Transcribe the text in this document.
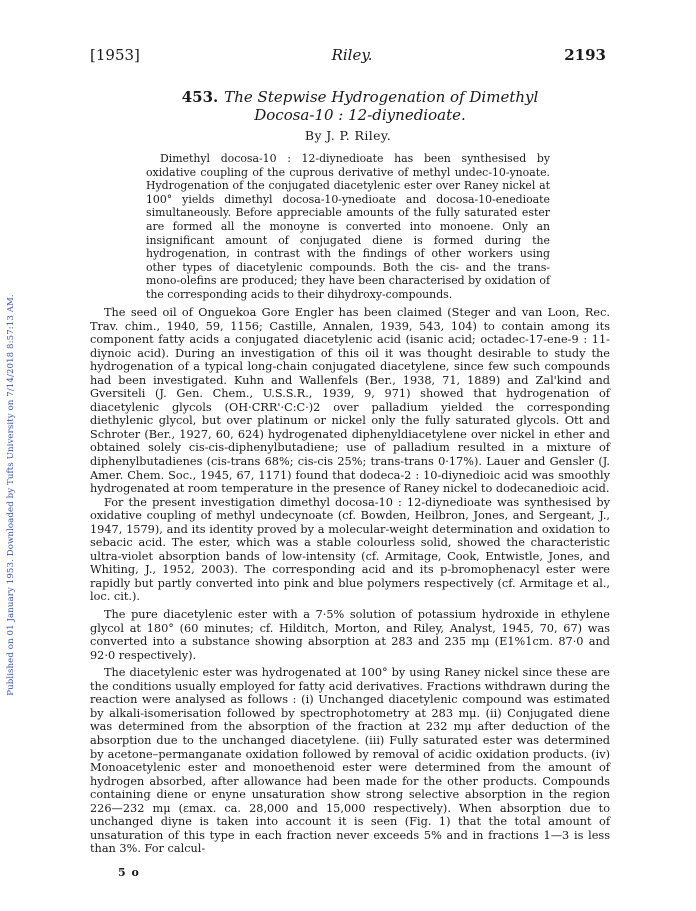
Published on 01 January 1953. Downloaded by Tufts University on 7/14/2018 8:57:13 AM.
[1953]	Riley.	2193
453. The Stepwise Hydrogenation of Dimethyl Docosa-10 : 12-diynedioate.
By J. P. Riley.
Dimethyl docosa-10 : 12-diynedioate has been synthesised by oxidative coupling of the cuprous derivative of methyl undec-10-ynoate. Hydrogenation of the conjugated diacetylenic ester over Raney nickel at 100° yields dimethyl docosa-10-ynedioate and docosa-10-enedioate simultaneously. Before appreciable amounts of the fully saturated ester are formed all the monoyne is converted into monoene. Only an insignificant amount of conjugated diene is formed during the hydrogenation, in contrast with the findings of other workers using other types of diacetylenic compounds. Both the cis- and the trans-mono-olefins are produced; they have been characterised by oxidation of the corresponding acids to their dihydroxy-compounds.

The seed oil of Onguekoa Gore Engler has been claimed (Steger and van Loon, Rec. Trav. chim., 1940, 59, 1156; Castille, Annalen, 1939, 543, 104) to contain among its component fatty acids a conjugated diacetylenic acid (isanic acid; octadec-17-ene-9 : 11-diynoic acid). During an investigation of this oil it was thought desirable to study the hydrogenation of a typical long-chain conjugated diacetylene, since few such compounds had been investigated. Kuhn and Wallenfels (Ber., 1938, 71, 1889) and Zal'kind and Gversiteli (J. Gen. Chem., U.S.S.R., 1939, 9, 971) showed that hydrogenation of diacetylenic glycols (OH·CRR'·C:C·)2 over palladium yielded the corresponding diethylenic glycol, but over platinum or nickel only the fully saturated glycols. Ott and Schroter (Ber., 1927, 60, 624) hydrogenated diphenyldiacetylene over nickel in ether and obtained solely cis-cis-diphenylbutadiene; use of palladium resulted in a mixture of diphenylbutadienes (cis-trans 68%; cis-cis 25%; trans-trans 0·17%). Lauer and Gensler (J. Amer. Chem. Soc., 1945, 67, 1171) found that dodeca-2 : 10-diynedioic acid was smoothly hydrogenated at room temperature in the presence of Raney nickel to dodecanedioic acid.

For the present investigation dimethyl docosa-10 : 12-diynedioate was synthesised by oxidative coupling of methyl undecynoate (cf. Bowden, Heilbron, Jones, and Sergeant, J., 1947, 1579), and its identity proved by a molecular-weight determination and oxidation to sebacic acid. The ester, which was a stable colourless solid, showed the characteristic ultra-violet absorption bands of low-intensity (cf. Armitage, Cook, Entwistle, Jones, and Whiting, J., 1952, 2003). The corresponding acid and its p-bromophenacyl ester were rapidly but partly converted into pink and blue polymers respectively (cf. Armitage et al., loc. cit.).

The pure diacetylenic ester with a 7·5% solution of potassium hydroxide in ethylene glycol at 180° (60 minutes; cf. Hilditch, Morton, and Riley, Analyst, 1945, 70, 67) was converted into a substance showing absorption at 283 and 235 mμ (E1%1cm. 87·0 and 92·0 respectively).

The diacetylenic ester was hydrogenated at 100° by using Raney nickel since these are the conditions usually employed for fatty acid derivatives. Fractions withdrawn during the reaction were analysed as follows : (i) Unchanged diacetylenic compound was estimated by alkali-isomerisation followed by spectrophotometry at 283 mμ. (ii) Conjugated diene was determined from the absorption of the fraction at 232 mμ after deduction of the absorption due to the unchanged diacetylene. (iii) Fully saturated ester was determined by acetone–permanganate oxidation followed by removal of acidic oxidation products. (iv) Monoacetylenic ester and monoethenoid ester were determined from the amount of hydrogen absorbed, after allowance had been made for the other products. Compounds containing diene or enyne unsaturation show strong selective absorption in the region 226—232 mμ (εmax. ca. 28,000 and 15,000 respectively). When absorption due to unchanged diyne is taken into account it is seen (Fig. 1) that the total amount of unsaturation of this type in each fraction never exceeds 5% and in fractions 1—3 is less than 3%. For calcul-

5 o
